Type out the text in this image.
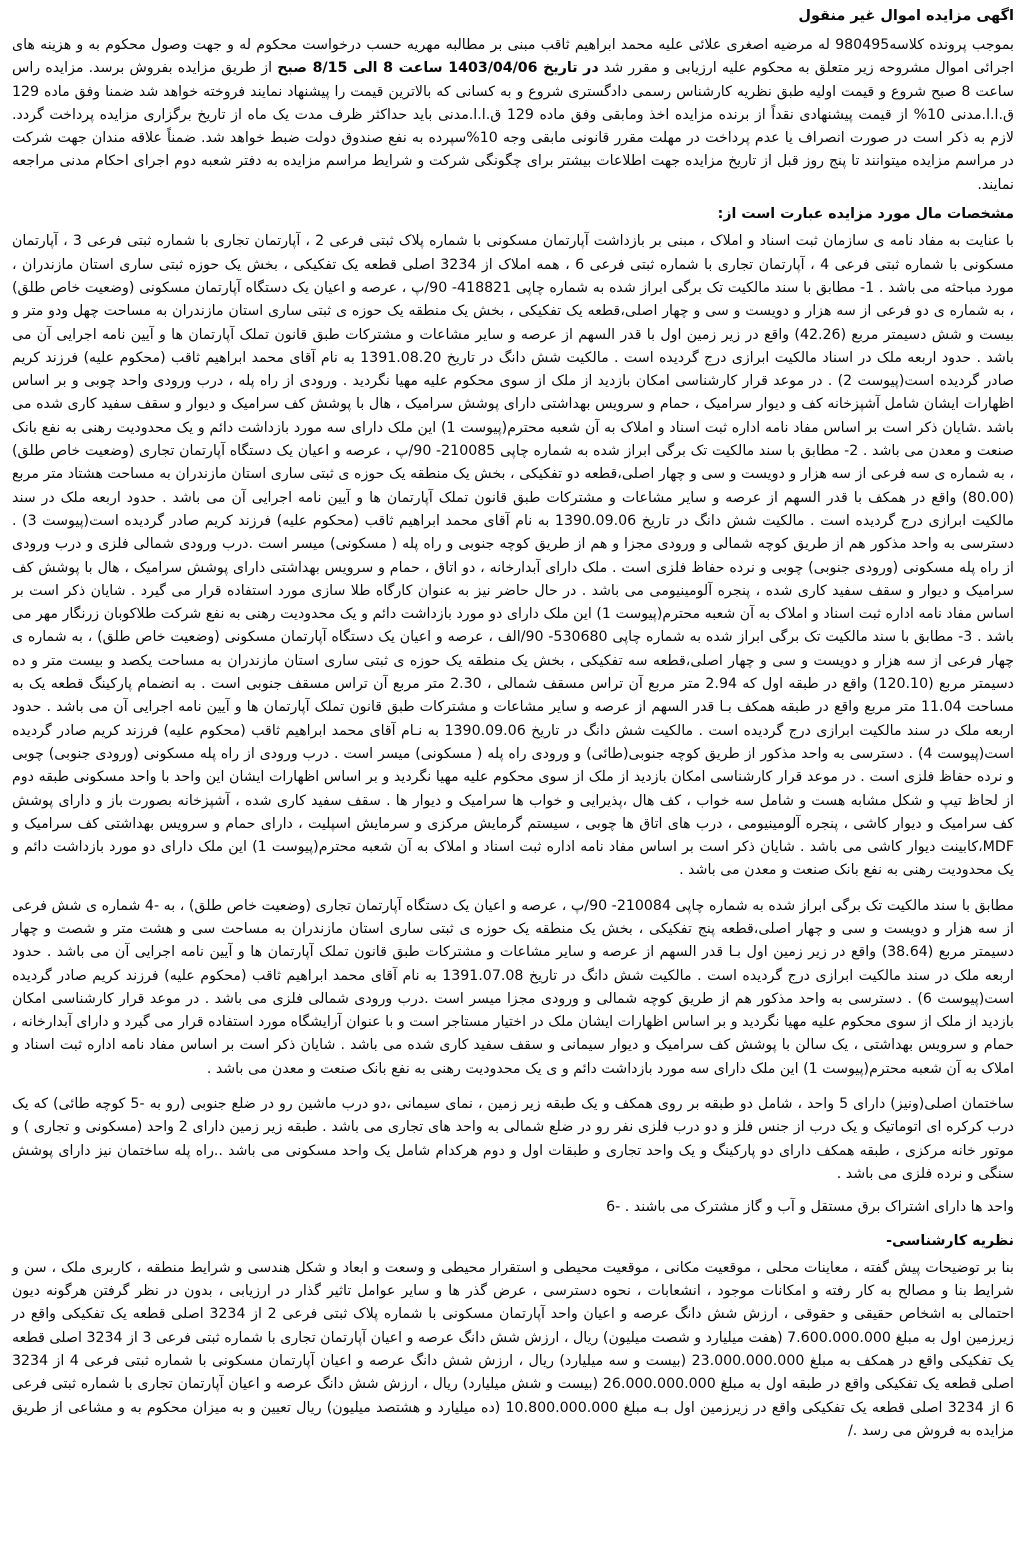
اگهی مزایده اموال غیر منقول

بموجب پرونده کلاسه980495 له مرضیه اصغری علائی علیه محمد ابراهیم ثاقب مبنی بر مطالبه مهریه حسب درخواست محکوم له و جهت وصول محکوم به و هزینه های اجرائی اموال مشروحه زیر متعلق به محکوم علیه ارزیابی و مقرر شد در تاریخ 1403/04/06 ساعت 8 الی 8/15 صبح از طریق مزایده بفروش برسد. مزایده راس ساعت 8 صبح شروع و قیمت اولیه طبق نظریه کارشناس رسمی دادگستری شروع و به کسانی که بالاترین قیمت را پیشنهاد نمایند فروخته خواهد شد ضمنا وفق ماده 129 ق.ا.ا.مدنی 10% از قیمت پیشنهادی نقداً از برنده مزایده اخذ ومابقی وفق ماده 129 ق.ا.ا.مدنی باید حداکثر ظرف مدت یک ماه از تاریخ برگزاری مزایده پرداخت گردد. لازم به ذکر است در صورت انصراف یا عدم پرداخت در مهلت مقرر قانونی مابقی وجه 10%سپرده به نفع صندوق دولت ضبط خواهد شد. ضمناً علاقه مندان جهت شرکت در مراسم مزایده میتوانند تا پنج روز قبل از تاریخ مزایده جهت اطلاعات بیشتر برای چگونگی شرکت و شرایط مراسم مزایده به دفتر شعبه دوم اجرای احکام مدنی مراجعه نمایند.

مشخصات مال مورد مزایده عبارت است از:

با عنایت به مفاد نامه ی سازمان ثبت اسناد و املاک ، مبنی بر بازداشت آپارتمان مسکونی با شماره پلاک ثبتی فرعی 2 ، آپارتمان تجاری با شماره ثبتی فرعی 3 ، آپارتمان مسکونی با شماره ثبتی فرعی 4 ، آپارتمان تجاری با شماره ثبتی فرعی 6 ، همه املاک از 3234 اصلی قطعه یک تفکیکی ، بخش یک حوزه ثبتی ساری استان مازندران ، مورد مباحثه می باشد . 1- مطابق با سند مالکیت تک برگی ابراز شده به شماره چاپی 418821- 90/پ ، عرصه و اعیان یک دستگاه آپارتمان مسکونی (وضعیت خاص طلق) ، به شماره ی دو فرعی از سه هزار و دویست و سی و چهار اصلی،قطعه یک تفکیکی ، بخش یک منطقه یک حوزه ی ثبتی ساری استان مازندران به مساحت چهل ودو متر و بیست و شش دسیمتر مربع (42.26) واقع در زیر زمین اول با قدر السهم از عرصه و سایر مشاعات و مشترکات طبق قانون تملک آپارتمان ها و آیین نامه اجرایی آن می باشد . حدود اربعه ملک در اسناد مالکیت ابرازی درج گردیده است . مالکیت شش دانگ در تاریخ 1391.08.20 به نام آقای محمد ابراهیم ثاقب (محکوم علیه) فرزند کریم صادر گردیده است(پیوست 2) . در موعد قرار کارشناسی امکان بازدید از ملک از سوی محکوم علیه مهیا نگردید . ورودی از راه پله ، درب ورودی واحد چوبی و بر اساس اظهارات ایشان شامل آشپزخانه کف و دیوار سرامیک ، حمام و سرویس بهداشتی دارای پوشش سرامیک ، هال با پوشش کف سرامیک و دیوار و سقف سفید کاری شده می باشد .شایان ذکر است بر اساس مفاد نامه اداره ثبت اسناد و املاک به آن شعبه محترم(پیوست 1) این ملک دارای سه مورد بازداشت دائم و یک محدودیت رهنی به نفع بانک صنعت و معدن می باشد . 2- مطابق با سند مالکیت تک برگی ابراز شده به شماره چاپی 210085- 90/پ ، عرصه و اعیان یک دستگاه آپارتمان تجاری (وضعیت خاص طلق) ، به شماره ی سه فرعی از سه هزار و دویست و سی و چهار اصلی،قطعه دو تفکیکی ، بخش یک منطقه یک حوزه ی ثبتی ساری استان مازندران به مساحت هشتاد متر مربع (80.00) واقع در همکف با قدر السهم از عرصه و سایر مشاعات و مشترکات طبق قانون تملک آپارتمان ها و آیین نامه اجرایی آن می باشد . حدود اربعه ملک در سند مالکیت ابرازی درج گردیده است . مالکیت شش دانگ در تاریخ 1390.09.06 به نام آقای محمد ابراهیم ثاقب (محکوم علیه) فرزند کریم صادر گردیده است(پیوست 3) . دسترسی به واحد مذکور هم از طریق کوچه شمالی و ورودی مجزا و هم از طریق کوچه جنوبی و راه پله ( مسکونی) میسر است .درب ورودی شمالی فلزی و درب ورودی از راه پله مسکونی (ورودی جنوبی) چوبی و نرده حفاظ فلزی است . ملک دارای آبدارخانه ، دو اتاق ، حمام و سرویس بهداشتی دارای پوشش سرامیک ، هال با پوشش کف سرامیک و دیوار و سقف سفید کاری شده ، پنجره آلومینیومی می باشد . در حال حاضر نیز به عنوان کارگاه طلا سازی مورد استفاده قرار می گیرد . شایان ذکر است بر اساس مفاد نامه اداره ثبت اسناد و املاک به آن شعبه محترم(پیوست 1) این ملک دارای دو مورد بازداشت دائم و یک محدودیت رهنی به نفع شرکت طلاکوبان زرنگار مهر می باشد . 3- مطابق با سند مالکیت تک برگی ابراز شده به شماره چاپی 530680- 90/الف ، عرصه و اعیان یک دستگاه آپارتمان مسکونی (وضعیت خاص طلق) ، به شماره ی چهار فرعی از سه هزار و دویست و سی و چهار اصلی،قطعه سه تفکیکی ، بخش یک منطقه یک حوزه ی ثبتی ساری استان مازندران به مساحت یکصد و بیست متر و ده دسیمتر مربع (120.10) واقع در طبقه اول که 2.94 متر مربع آن تراس مسقف شمالی ، 2.30 متر مربع آن تراس مسقف جنوبی است . به انضمام پارکینگ قطعه یک به مساحت 11.04 متر مربع واقع در طبقه همکف بـا قدر السهم از عرصه و سایر مشاعات و مشترکات طبق قانون تملک آپارتمان ها و آیین نامه اجرایی آن می باشد . حدود اربعه ملک در سند مالکیت ابرازی درج گردیده است . مالکیت شش دانگ در تاریخ 1390.09.06 به نـام آقای محمد ابراهیم ثاقب (محکوم علیه) فرزند کریم صادر گردیده است(پیوست 4) . دسترسی به واحد مذکور از طریق کوچه جنوبی(طائی) و ورودی راه پله ( مسکونی) میسر است . درب ورودی از راه پله مسکونی (ورودی جنوبی) چوبی و نرده حفاظ فلزی است . در موعد قرار کارشناسی امکان بازدید از ملک از سوی محکوم علیه مهیا نگردید و بر اساس اظهارات ایشان این واحد با واحد مسکونی طبقه دوم از لحاظ تیپ و شکل مشابه هست و شامل سه خواب ، کف هال ،پذیرایی و خواب ها سرامیک و دیوار ها . سقف سفید کاری شده ، آشپزخانه بصورت باز و دارای پوشش کف سرامیک و دیوار کاشی ، پنجره آلومینیومی ، درب های اتاق ها چوبی ، سیستم گرمایش مرکزی و سرمایش اسپلیت ، دارای حمام و سرویس بهداشتی کف سرامیک و MDF،کابینت دیوار کاشی می باشد . شایان ذکر است بر اساس مفاد نامه اداره ثبت اسناد و املاک به آن شعبه محترم(پیوست 1) این ملک دارای دو مورد بازداشت دائم و یک محدودیت رهنی به نفع بانک صنعت و معدن می باشد .

مطابق با سند مالکیت تک برگی ابراز شده به شماره چاپی 210084- 90/پ ، عرصه و اعیان یک دستگاه آپارتمان تجاری (وضعیت خاص طلق) ، به -4 شماره ی شش فرعی از سه هزار و دویست و سی و چهار اصلی،قطعه پنج تفکیکی ، بخش یک منطقه یک حوزه ی ثبتی ساری استان مازندران به مساحت سی و هشت متر و شصت و چهار دسیمتر مربع (38.64) واقع در زیر زمین اول بـا قدر السهم از عرصه و سایر مشاعات و مشترکات طبق قانون تملک آپارتمان ها و آیین نامه اجرایی آن می باشد . حدود اربعه ملک در سند مالکیت ابرازی درج گردیده است . مالکیت شش دانگ در تاریخ 1391.07.08 به نام آقای محمد ابراهیم ثاقب (محکوم علیه) فرزند کریم صادر گردیده است(پیوست 6) . دسترسی به واحد مذکور هم از طریق کوچه شمالی و ورودی مجزا میسر است .درب ورودی شمالی فلزی می باشد . در موعد قرار کارشناسی امکان بازدید از ملک از سوی محکوم علیه مهیا نگردید و بر اساس اظهارات ایشان ملک در اختیار مستاجر است و با عنوان آرایشگاه مورد استفاده قرار می گیرد و دارای آبدارخانه ، حمام و سرویس بهداشتی ، یک سالن با پوشش کف سرامیک و دیوار سیمانی و سقف سفید کاری شده می باشد . شایان ذکر است بر اساس مفاد نامه اداره ثبت اسناد و املاک به آن شعبه محترم(پیوست 1) این ملک دارای سه مورد بازداشت دائم و ی یک محدودیت رهنی به نفع بانک صنعت و معدن می باشد .

ساختمان اصلی(ونیز) دارای 5 واحد ، شامل دو طبقه بر روی همکف و یک طبقه زیر زمین ، نمای سیمانی ،دو درب ماشین رو در ضلع جنوبی (رو به -5 کوچه طائی) که یک درب کرکره ای اتوماتیک و یک درب از جنس فلز و دو درب فلزی نفر رو در ضلع شمالی به واحد های تجاری می باشد . طبقه زیر زمین دارای 2 واحد (مسکونی و تجاری ) و موتور خانه مرکزی ، طبقه همکف دارای دو پارکینگ و یک واحد تجاری و طبقات اول و دوم هرکدام شامل یک واحد مسکونی می باشد ..راه پله ساختمان نیز دارای پوشش سنگی و نرده فلزی می باشد .

واحد ها دارای اشتراک برق مستقل و آب و گاز مشترک می باشند . -6

نظریه کارشناسی-

بنا بر توضیحات پیش گفته ، معاینات محلی ، موقعیت مکانی ، موقعیت محیطی و استقرار محیطی و وسعت و ابعاد و شکل هندسی و شرایط منطقه ، کاربری ملک ، سن و شرایط بنا و مصالح به کار رفته و امکانات موجود ، انشعابات ، نحوه دسترسی ، عرض گذر ها و سایر عوامل تاثیر گذار در ارزیابی ، بدون در نظر گرفتن هرگونه دیون احتمالی به اشخاص حقیقی و حقوقی ، ارزش شش دانگ عرصه و اعیان واحد آپارتمان مسکونی با شماره پلاک ثبتی فرعی 2 از 3234 اصلی قطعه یک تفکیکی واقع در زیرزمین اول به مبلغ 7.600.000.000 (هفت میلیارد و شصت میلیون) ریال ، ارزش شش دانگ عرصه و اعیان آپارتمان تجاری با شماره ثبتی فرعی 3 از 3234 اصلی قطعه یک تفکیکی واقع در همکف به مبلغ 23.000.000.000 (بیست و سه میلیارد) ریال ، ارزش شش دانگ عرصه و اعیان آپارتمان مسکونی با شماره ثبتی فرعی 4 از 3234 اصلی قطعه یک تفکیکی واقع در طبقه اول به مبلغ 26.000.000.000 (بیست و شش میلیارد) ریال ، ارزش شش دانگ عرصه و اعیان آپارتمان تجاری با شماره ثبتی فرعی 6 از 3234 اصلی قطعه یک تفکیکی واقع در زیرزمین اول بـه مبلغ 10.800.000.000 (ده میلیارد و هشتصد میلیون) ریال تعیین و به میزان محکوم به و مشاعی از طریق مزایده به فروش می رسد ./
